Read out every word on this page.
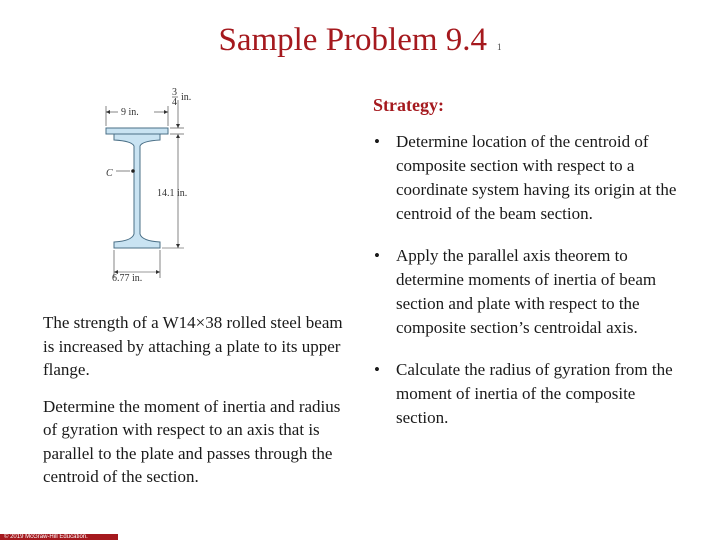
Sample Problem 9.4 1
C
9 in.
3
4 in.
14.1 in.
6.77 in.
Strategy:
• Determine location of the centroid of composite section with respect to a coordinate system having its origin at the centroid of the beam section.
• Apply the parallel axis theorem to determine moments of inertia of beam section and plate with respect to the composite section’s centroidal axis.
• Calculate the radius of gyration from the moment of inertia of the composite section.

The strength of a W14×38 rolled steel beam is increased by attaching a plate to its upper flange.

Determine the moment of inertia and radius of gyration with respect to an axis that is parallel to the plate and passes through the centroid of the section.

© 2019 McGraw-Hill Education.
